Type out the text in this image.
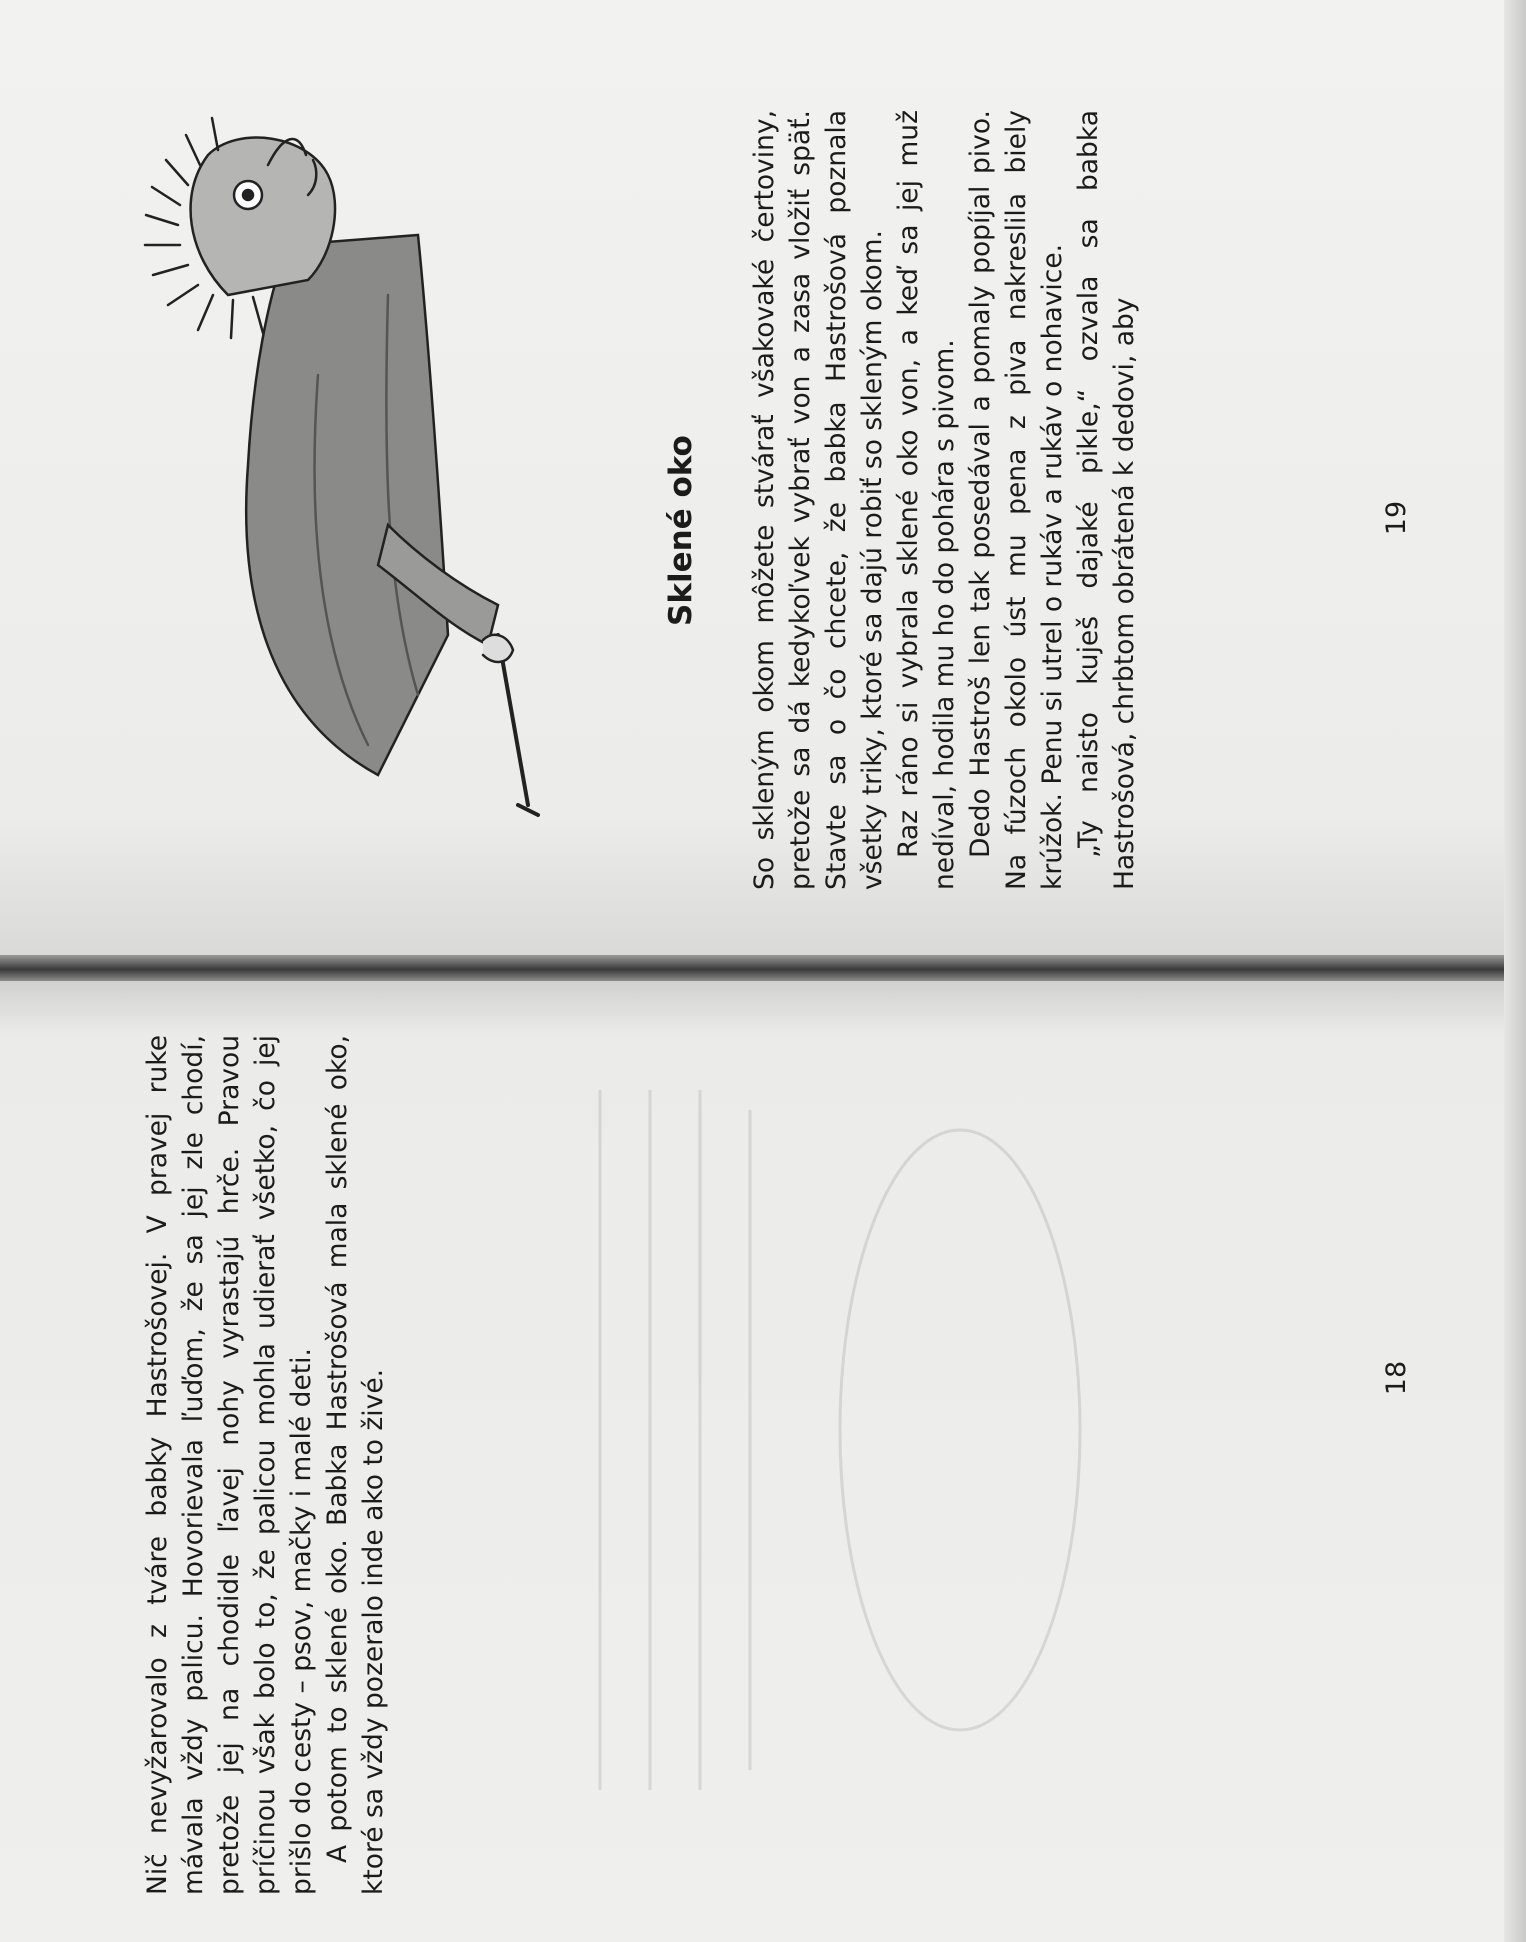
Sklené oko So skleným okom môžete stvárať všakovaké čertoviny, pretože sa dá kedykoľvek vybrať von a zasa vložiť späť. Stavte sa o čo chcete, že babka Hastrošová poznala všetky triky, ktoré sa dajú robiť so skleným okom. Raz ráno si vybrala sklené oko von, a keď sa jej muž nedíval, hodila mu ho do pohára s pivom. Dedo Hastroš len tak posedával a pomaly popíjal pivo. Na fúzoch okolo úst mu pena z piva nakreslila biely krúžok. Penu si utrel o rukáv a rukáv o nohavice. „Ty naisto kuješ dajaké pikle,“ ozvala sa babka Hastrošová, chrbtom obrátená k dedovi, aby

Nič nevyžarovalo z tváre babky Hastrošovej. V pravej ruke mávala vždy palicu. Hovorievala ľuďom, že sa jej zle chodí, pretože jej na chodidle ľavej nohy vyrastajú hrče. Pravou príčinou však bolo to, že palicou mohla udierať všetko, čo jej prišlo do cesty – psov, mačky i malé deti. A potom to sklené oko. Babka Hastrošová mala sklené oko, ktoré sa vždy pozeralo inde ako to živé.

19
18
